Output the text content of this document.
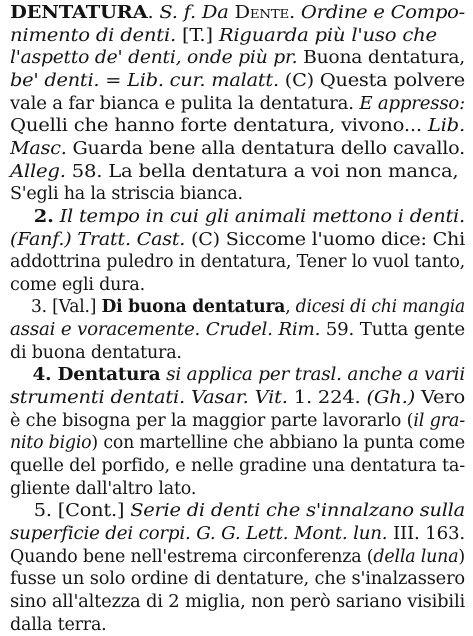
DENTATURA. S. f. Da Dente. Ordine e Compo-
nimento di denti. [T.] Riguarda più l'uso che
l'aspetto de' denti, onde più pr. Buona dentatura,
be' denti. = Lib. cur. malatt. (C) Questa polvere
vale a far bianca e pulita la dentatura. E appresso:
Quelli che hanno forte dentatura, vivono... Lib.
Masc. Guarda bene alla dentatura dello cavallo.
Alleg. 58. La bella dentatura a voi non manca,
S'egli ha la striscia bianca.
2. Il tempo in cui gli animali mettono i denti.
(Fanf.) Tratt. Cast. (C) Siccome l'uomo dice: Chi
addottrina puledro in dentatura, Tener lo vuol tanto,
come egli dura.
3. [Val.] Di buona dentatura, dicesi di chi mangia
assai e voracemente. Crudel. Rim. 59. Tutta gente
di buona dentatura.
4. Dentatura si applica per trasl. anche a varii
strumenti dentati. Vasar. Vit. 1. 224. (Gh.) Vero
è che bisogna per la maggior parte lavorarlo (il gra-
nito bigio) con martelline che abbiano la punta come
quelle del porfido, e nelle gradine una dentatura ta-
gliente dall'altro lato.
5. [Cont.] Serie di denti che s'innalzano sulla
superficie dei corpi. G. G. Lett. Mont. lun. III. 163.
Quando bene nell'estrema circonferenza (della luna)
fusse un solo ordine di dentature, che s'inalzassero
sino all'altezza di 2 miglia, non però sariano visibili
dalla terra.
